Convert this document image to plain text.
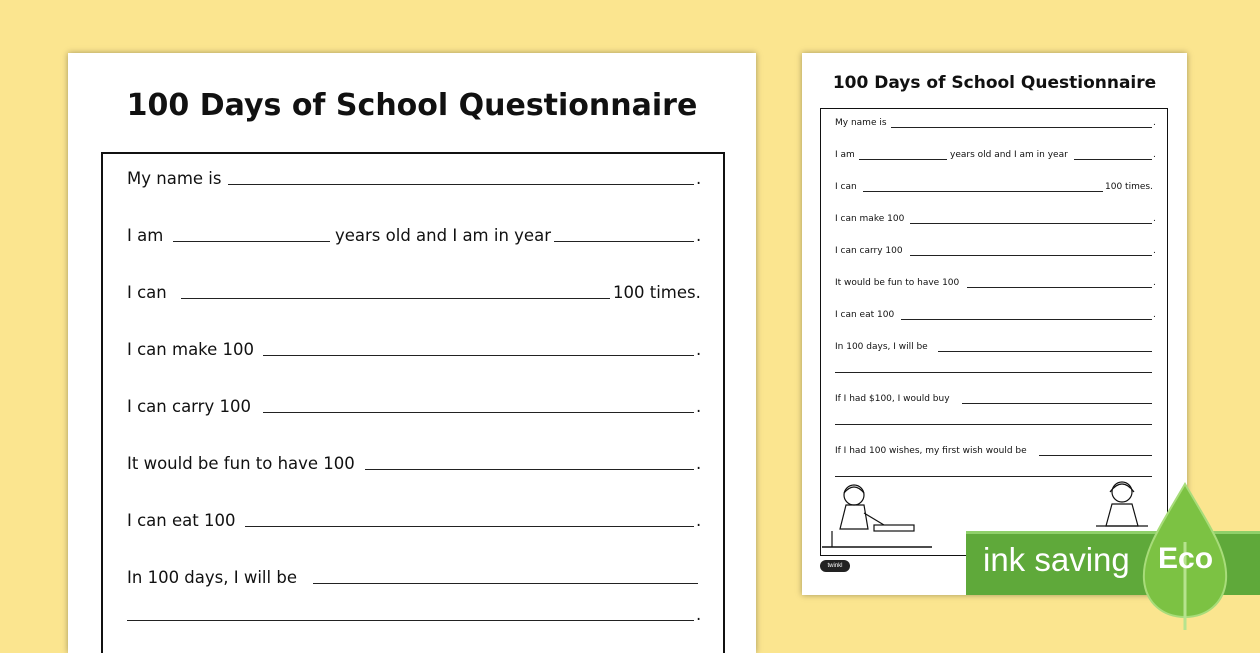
100 Days of School Questionnaire
My name is	.
I am	years old and I am in year	.
I can	100 times.
I can make 100	.
I can carry 100	.
It would be fun to have 100	.
I can eat 100	.
In 100 days, I will be
.
100 Days of School Questionnaire
My name is	.
I am	years old and I am in year	.
I can	100 times.
I can make 100	.
I can carry 100	.
It would be fun to have 100	.
I can eat 100	.
In 100 days, I will be
If I had $100, I would buy
If I had 100 wishes, my first wish would be
twinkl	ink saving Eco
